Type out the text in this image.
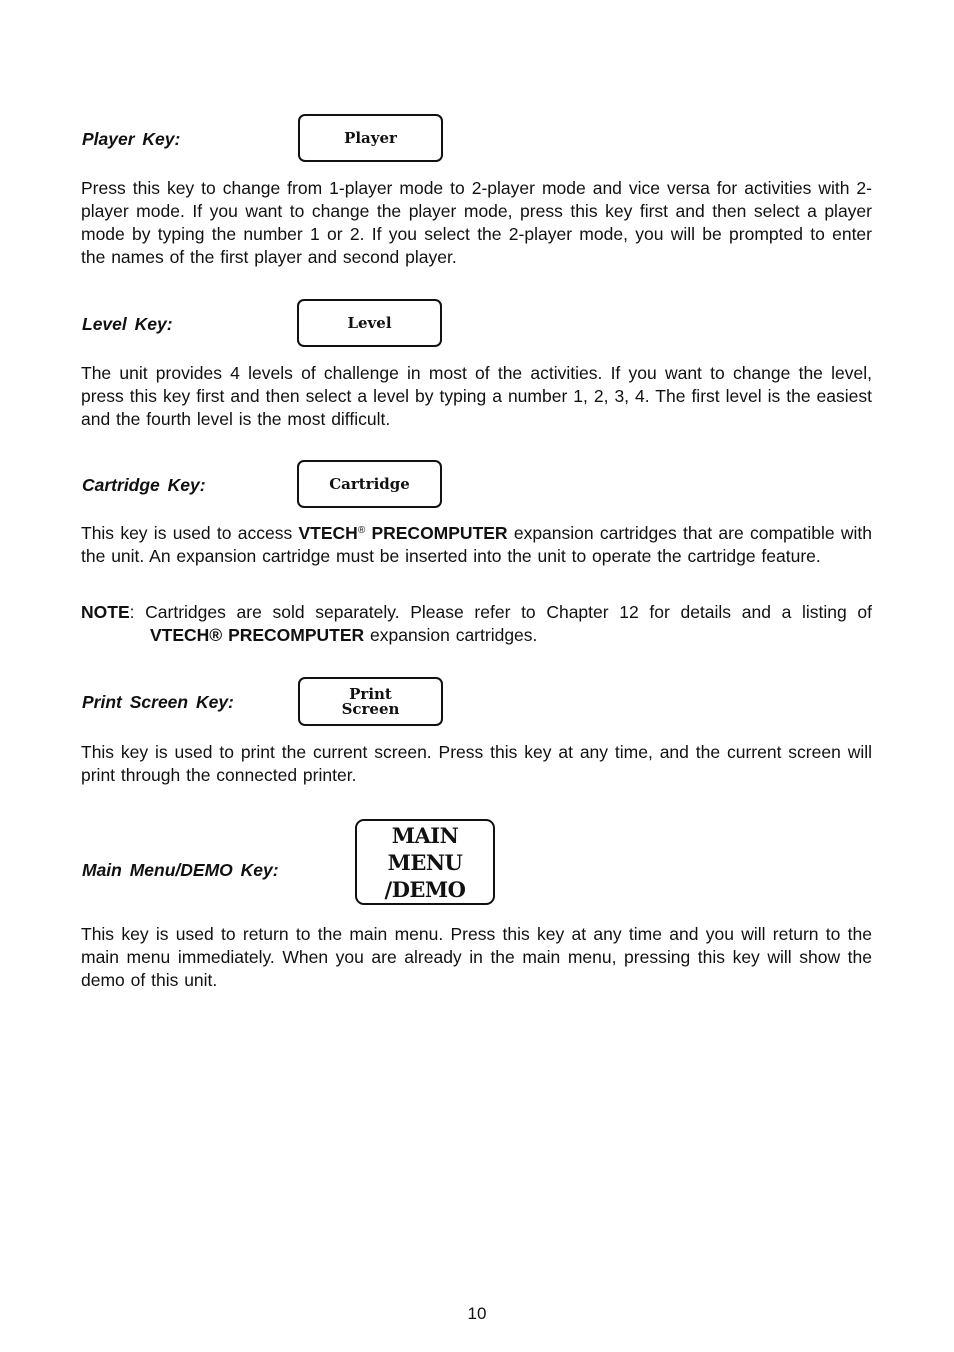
Player Key:	Player

Press this key to change from 1-player mode to 2-player mode and vice versa for activities with 2-player mode. If you want to change the player mode, press this key first and then select a player mode by typing the number 1 or 2. If you select the 2-player mode, you will be prompted to enter the names of the first player and second player.

Level Key:	Level

The unit provides 4 levels of challenge in most of the activities. If you want to change the level, press this key first and then select a level by typing a number 1, 2, 3, 4. The first level is the easiest and the fourth level is the most difficult.

Cartridge Key:	Cartridge

This key is used to access VTECH® PRECOMPUTER expansion cartridges that are compatible with the unit. An expansion cartridge must be inserted into the unit to operate the cartridge feature.

NOTE: Cartridges are sold separately. Please refer to Chapter 12 for details and a listing of VTECH® PRECOMPUTER expansion cartridges.

Print Screen Key:	Print
Screen

This key is used to print the current screen. Press this key at any time, and the current screen will print through the connected printer.

Main Menu/DEMO Key:

MAIN MENU
/DEMO

This key is used to return to the main menu. Press this key at any time and you will return to the main menu immediately. When you are already in the main menu, pressing this key will show the demo of this unit.

10
